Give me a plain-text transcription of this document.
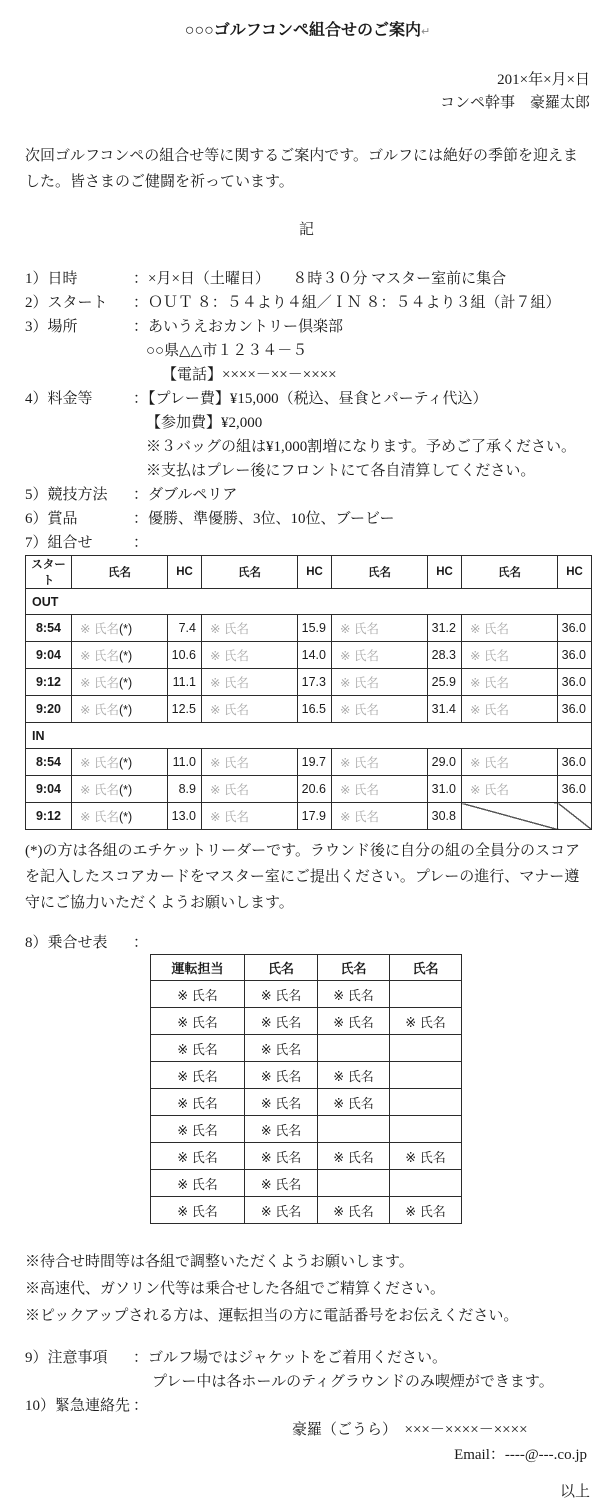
○○○ゴルフコンペ組合せのご案内↵
201×年×月×日
コンペ幹事　豪羅太郎
次回ゴルフコンペの組合せ等に関するご案内です。ゴルフには絶好の季節を迎えました。皆さまのご健闘を祈っています。
記
1）日時	：×月×日（土曜日）　　８時３０分 マスター室前に集合
2）スタート	：ＯＵＴ ８：５４より４組／ＩＮ ８：５４より３組（計７組）
3）場所	：あいうえおカントリー倶楽部
○○県△△市１２３４－５
【電話】××××－××－××××
4）料金等	：【プレー費】¥15,000（税込、昼食とパーティ代込）
【参加費】¥2,000
※３バッグの組は¥1,000割増になります。予めご了承ください。
※支払はプレー後にフロントにて各自清算してください。
5）競技方法	：ダブルペリア
6）賞品	：優勝、準優勝、3位、10位、ブービー
7）組合せ	：
スタート	氏名	HC	氏名	HC	氏名	HC	氏名	HC
OUT								
8:54	※ 氏名(*)	7.4	※ 氏名	15.9	※ 氏名	31.2	※ 氏名	36.0
9:04	※ 氏名(*)	10.6	※ 氏名	14.0	※ 氏名	28.3	※ 氏名	36.0
9:12	※ 氏名(*)	11.1	※ 氏名	17.3	※ 氏名	25.9	※ 氏名	36.0
9:20	※ 氏名(*)	12.5	※ 氏名	16.5	※ 氏名	31.4	※ 氏名	36.0
IN								
8:54	※ 氏名(*)	11.0	※ 氏名	19.7	※ 氏名	29.0	※ 氏名	36.0
9:04	※ 氏名(*)	8.9	※ 氏名	20.6	※ 氏名	31.0	※ 氏名	36.0
9:12	※ 氏名(*)	13.0	※ 氏名	17.9	※ 氏名	30.8		
(*)の方は各組のエチケットリーダーです。ラウンド後に自分の組の全員分のスコアを記入したスコアカードをマスター室にご提出ください。プレーの進行、マナー遵守にご協力いただくようお願いします。
8）乗合せ表	：
運転担当	氏名	氏名	氏名
※ 氏名	※ 氏名	※ 氏名	
※ 氏名	※ 氏名	※ 氏名	※ 氏名
※ 氏名	※ 氏名		
※ 氏名	※ 氏名	※ 氏名	
※ 氏名	※ 氏名	※ 氏名	
※ 氏名	※ 氏名		
※ 氏名	※ 氏名	※ 氏名	※ 氏名
※ 氏名	※ 氏名		
※ 氏名	※ 氏名	※ 氏名	※ 氏名
※待合せ時間等は各組で調整いただくようお願いします。
※高速代、ガソリン代等は乗合せした各組でご精算ください。
※ピックアップされる方は、運転担当の方に電話番号をお伝えください。
9）注意事項	：ゴルフ場ではジャケットをご着用ください。
プレー中は各ホールのティグラウンドのみ喫煙ができます。
10）緊急連絡先 ：
豪羅（ごうら）　×××－××××－××××
Email：----@---.co.jp
以上
